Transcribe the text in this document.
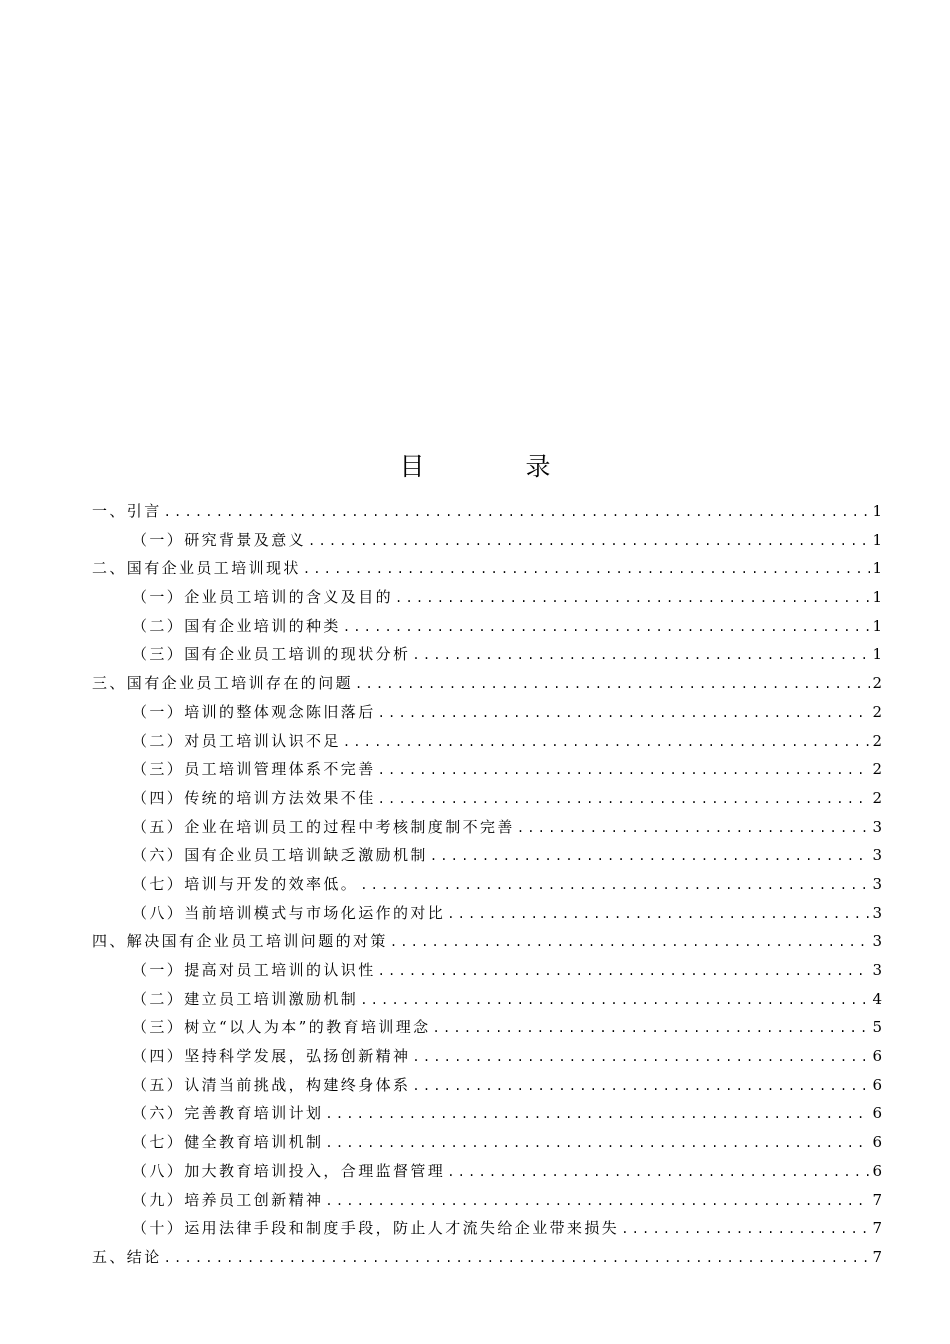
目　录
一、引言 .....	1
（一）研究背景及意义 .....	1
二、国有企业员工培训现状 .....	1
（一）企业员工培训的含义及目的 .....	1
（二）国有企业培训的种类 .....	1
（三）国有企业员工培训的现状分析 .....	1
三、国有企业员工培训存在的问题 .....	2
（一）培训的整体观念陈旧落后 .....	2
（二）对员工培训认识不足 .....	2
（三）员工培训管理体系不完善 .....	2
（四）传统的培训方法效果不佳 .....	2
（五）企业在培训员工的过程中考核制度制不完善 .....	3
（六）国有企业员工培训缺乏激励机制 .....	3
（七）培训与开发的效率低。 .....	3
（八）当前培训模式与市场化运作的对比 .....	3
四、解决国有企业员工培训问题的对策 .....	3
（一）提高对员工培训的认识性 .....	3
（二）建立员工培训激励机制 .....	4
（三）树立“以人为本”的教育培训理念 .....	5
（四）坚持科学发展，弘扬创新精神 .....	6
（五）认清当前挑战，构建终身体系 .....	6
（六）完善教育培训计划 .....	6
（七）健全教育培训机制 .....	6
（八）加大教育培训投入，合理监督管理 .....	6
（九）培养员工创新精神 .....	7
（十）运用法律手段和制度手段，防止人才流失给企业带来损失 .....	7
五、结论 .....	7
